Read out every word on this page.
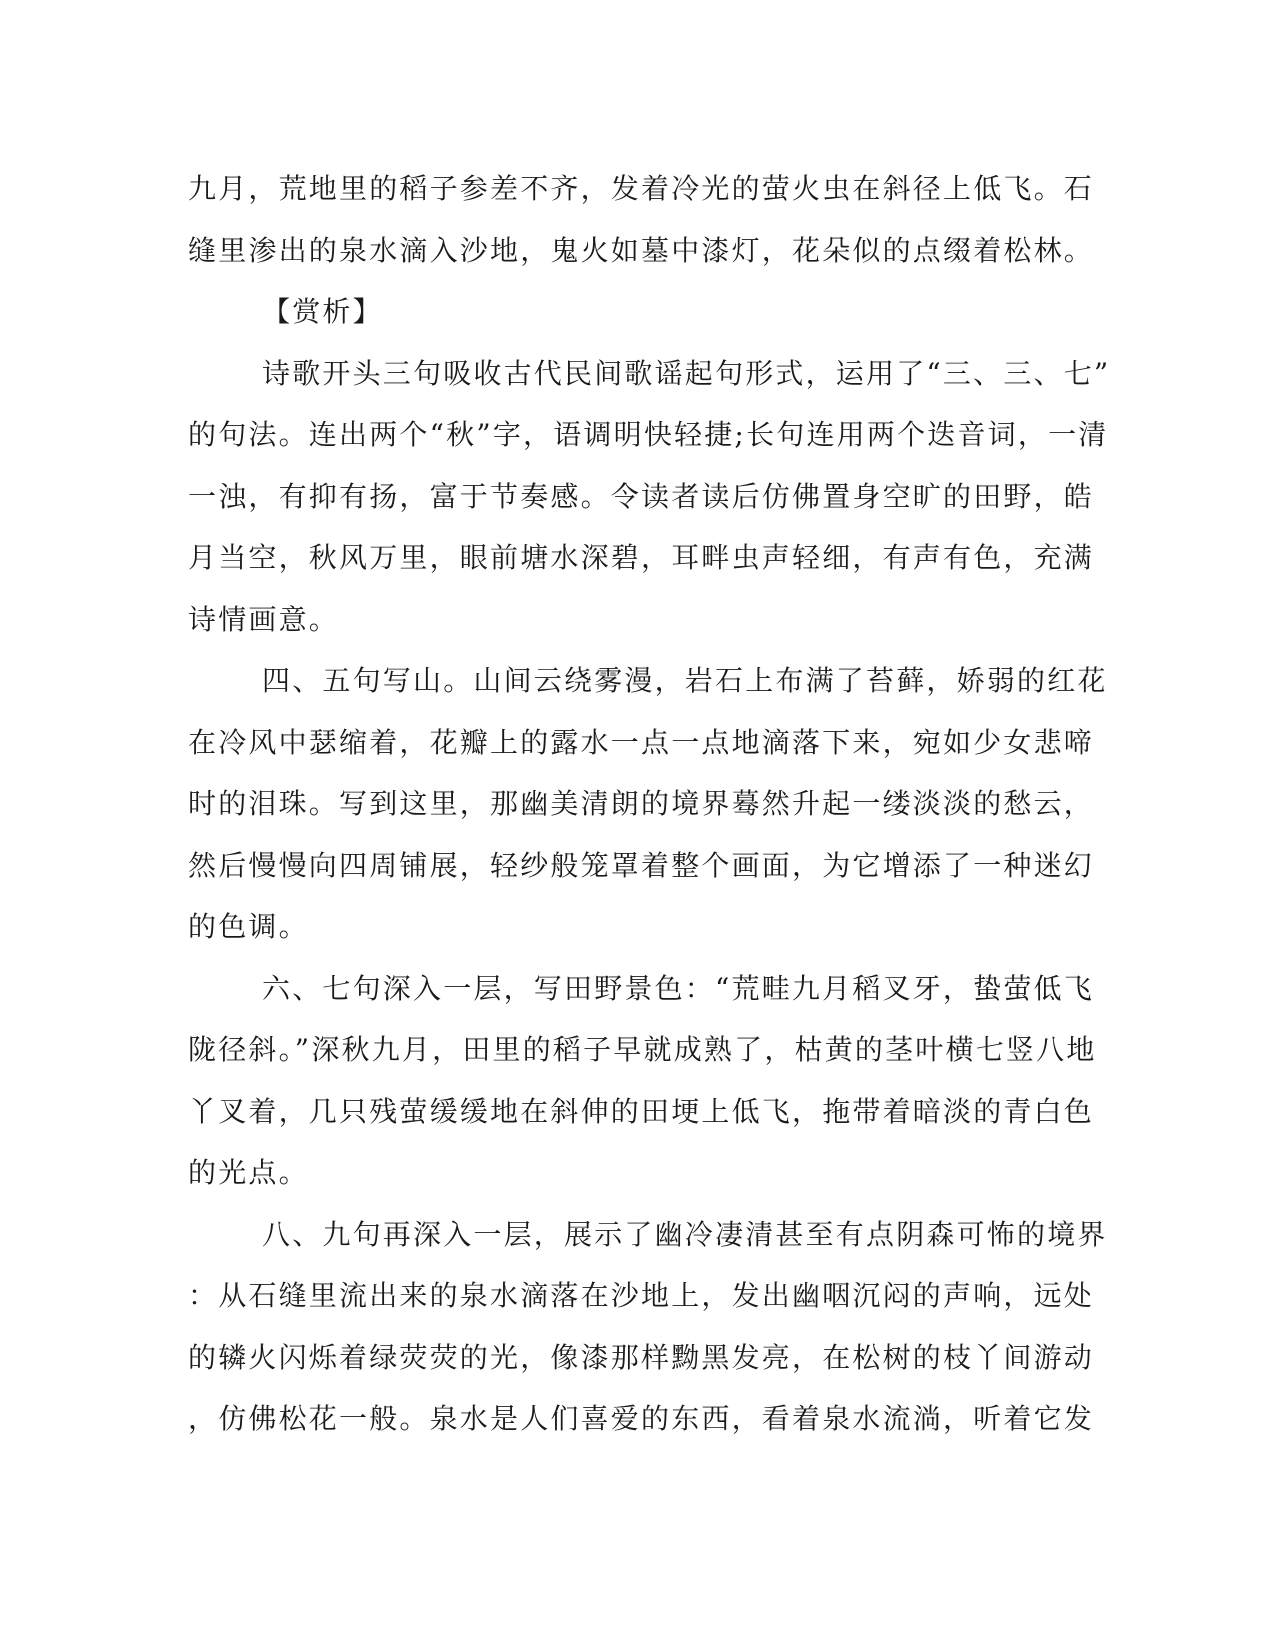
九月，荒地里的稻子参差不齐，发着冷光的萤火虫在斜径上低飞。石
缝里渗出的泉水滴入沙地，鬼火如墓中漆灯，花朵似的点缀着松林。
【赏析】
诗歌开头三句吸收古代民间歌谣起句形式，运用了“三、三、七”
的句法。连出两个“秋”字，语调明快轻捷;长句连用两个迭音词，一清
一浊，有抑有扬，富于节奏感。令读者读后仿佛置身空旷的田野，皓
月当空，秋风万里，眼前塘水深碧，耳畔虫声轻细，有声有色，充满
诗情画意。
四、五句写山。山间云绕雾漫，岩石上布满了苔藓，娇弱的红花
在冷风中瑟缩着，花瓣上的露水一点一点地滴落下来，宛如少女悲啼
时的泪珠。写到这里，那幽美清朗的境界蓦然升起一缕淡淡的愁云，
然后慢慢向四周铺展，轻纱般笼罩着整个画面，为它增添了一种迷幻
的色调。
六、七句深入一层，写田野景色：“荒畦九月稻叉牙，蛰萤低飞
陇径斜。”深秋九月，田里的稻子早就成熟了，枯黄的茎叶横七竖八地
丫叉着，几只残萤缓缓地在斜伸的田埂上低飞，拖带着暗淡的青白色
的光点。
八、九句再深入一层，展示了幽冷凄清甚至有点阴森可怖的境界
：从石缝里流出来的泉水滴落在沙地上，发出幽咽沉闷的声响，远处
的辚火闪烁着绿荧荧的光，像漆那样黝黑发亮，在松树的枝丫间游动
，仿佛松花一般。泉水是人们喜爱的东西，看着泉水流淌，听着它发
